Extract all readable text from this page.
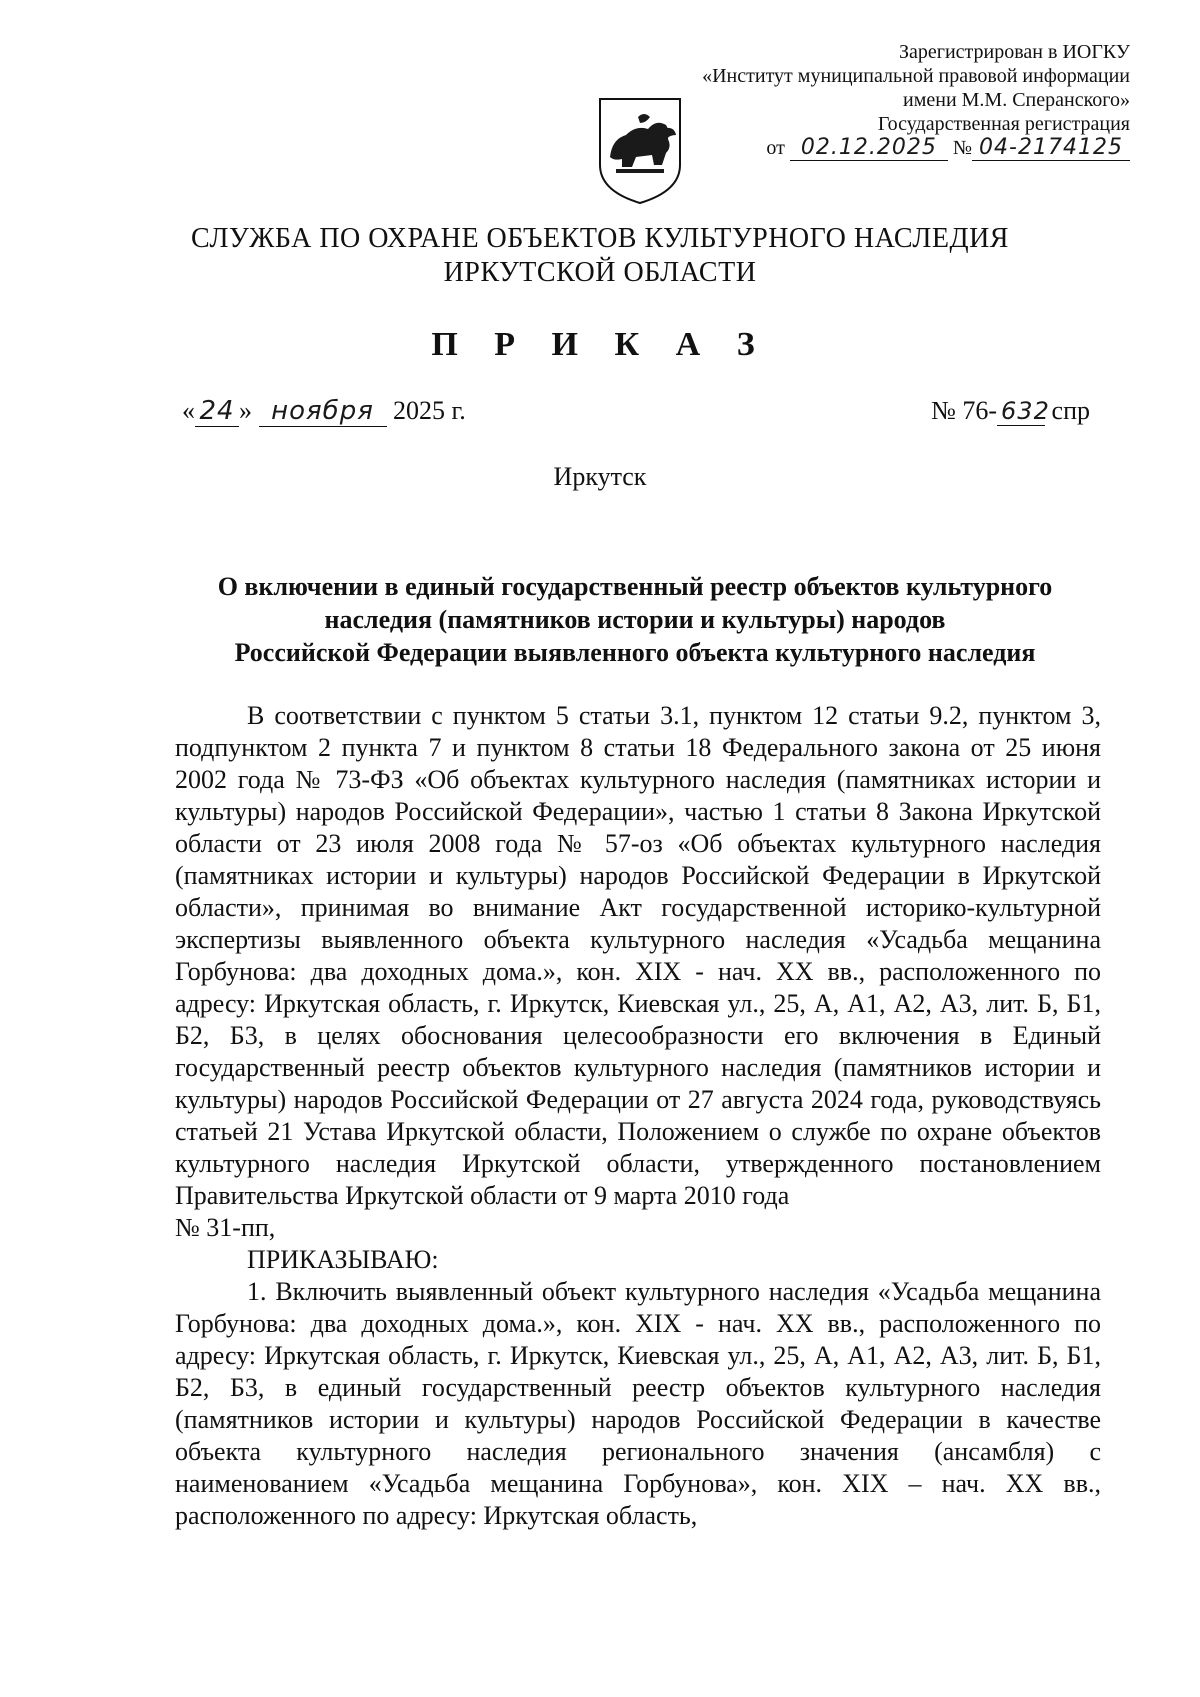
Зарегистрирован в ИОГКУ
«Институт муниципальной правовой информации
имени М.М. Сперанского»
Государственная регистрация
от 02.12.2025 № 04-2174125
СЛУЖБА ПО ОХРАНЕ ОБЪЕКТОВ КУЛЬТУРНОГО НАСЛЕДИЯ
ИРКУТСКОЙ ОБЛАСТИ
П Р И К А З
« 24 » ноября 2025 г.	№ 76- 632 спр
Иркутск
О включении в единый государственный реестр объектов культурного
наследия (памятников истории и культуры) народов
Российской Федерации выявленного объекта культурного наследия

В соответствии с пунктом 5 статьи 3.1, пунктом 12 статьи 9.2, пунктом 3, подпунктом 2 пункта 7 и пунктом 8 статьи 18 Федерального закона от 25 июня 2002 года № 73-ФЗ «Об объектах культурного наследия (памятниках истории и культуры) народов Российской Федерации», частью 1 статьи 8 Закона Иркутской области от 23 июля 2008 года № 57-оз «Об объектах культурного наследия (памятниках истории и культуры) народов Российской Федерации в Иркутской области», принимая во внимание Акт государственной историко-культурной экспертизы выявленного объекта культурного наследия «Усадьба мещанина Горбунова: два доходных дома.», кон. XIX - нач. XX вв., расположенного по адресу: Иркутская область, г. Иркутск, Киевская ул., 25, А, А1, А2, А3, лит. Б, Б1, Б2, Б3, в целях обоснования целесообразности его включения в Единый государственный реестр объектов культурного наследия (памятников истории и культуры) народов Российской Федерации от 27 августа 2024 года, руководствуясь статьей 21 Устава Иркутской области, Положением о службе по охране объектов культурного наследия Иркутской области, утвержденного постановлением Правительства Иркутской области от 9 марта 2010 года

№ 31-пп,

ПРИКАЗЫВАЮ:

1. Включить выявленный объект культурного наследия «Усадьба мещанина Горбунова: два доходных дома.», кон. XIX - нач. XX вв., расположенного по адресу: Иркутская область, г. Иркутск, Киевская ул., 25, А, А1, А2, А3, лит. Б, Б1, Б2, Б3, в единый государственный реестр объектов культурного наследия (памятников истории и культуры) народов Российской Федерации в качестве объекта культурного наследия регионального значения (ансамбля) с наименованием «Усадьба мещанина Горбунова», кон. XIX – нач. XX вв., расположенного по адресу: Иркутская область,
